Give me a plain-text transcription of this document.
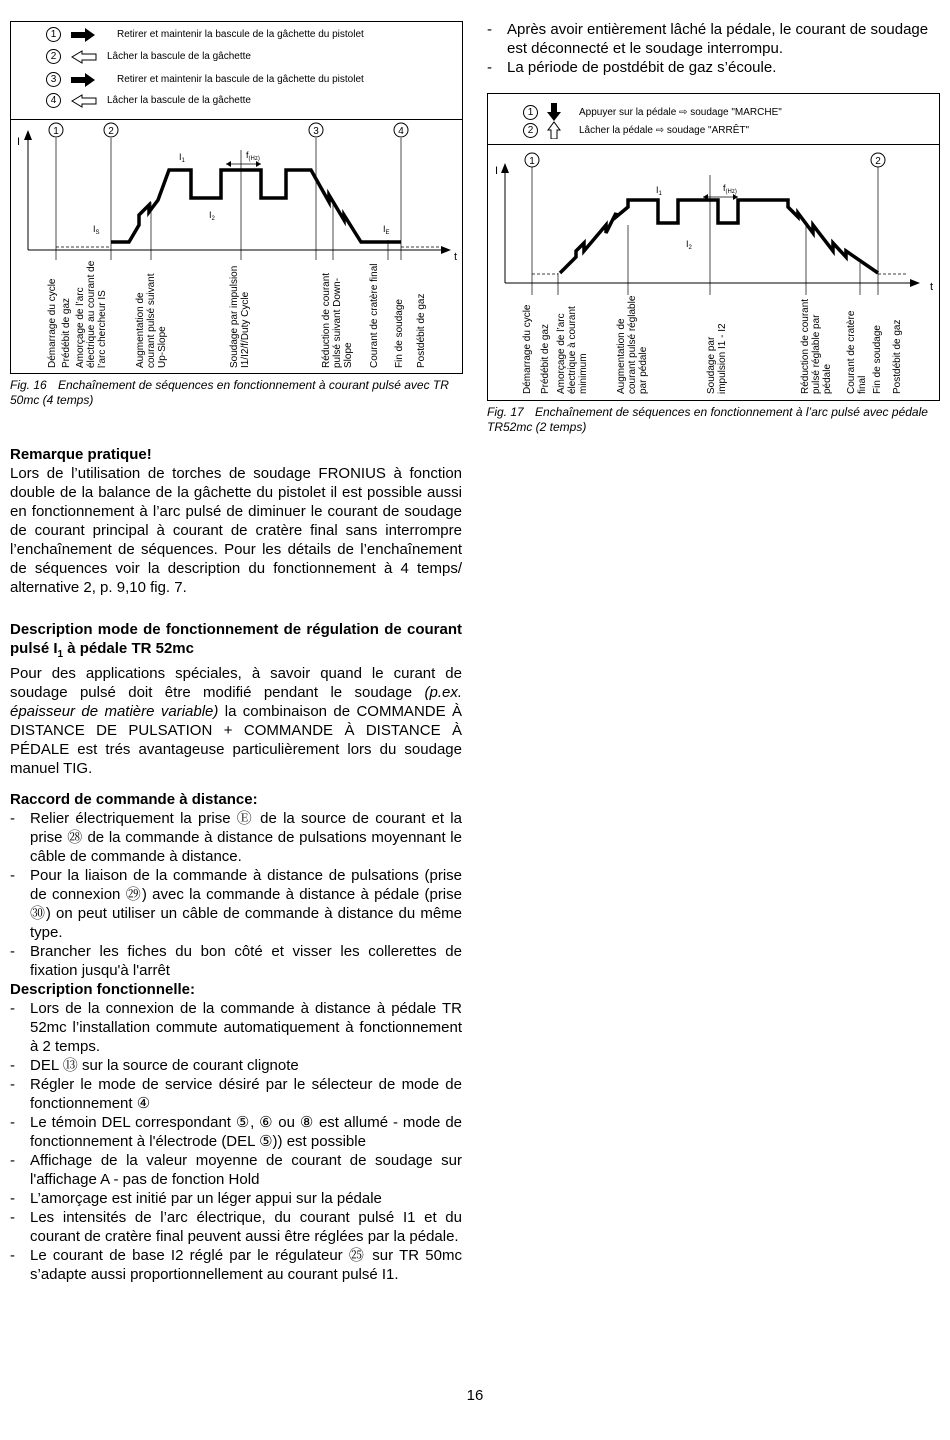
1	Retirer et maintenir la bascule de la gâchette du pistolet
2	Lâcher la bascule de la gâchette
3	Retirer et maintenir la bascule de la gâchette du pistolet
4	Lâcher la bascule de la gâchette
I
t
1	2	3	4
$I_1$
$I_2$
$I_S$	$I_E$
$f_{(Hz)}$
Démarrage du cycle Prédébit de gaz Amorçage de l’arc électrique au courant de l’arc chercheur IS	Augmentation de courant pulsé suivant Up-Slope	Soudage par impulsion I1/I2/f/Duty Cycle	Réduction de courant pulsé suivant Down-Slope Courant de cratère final Fin de soudage Postdébit de gaz
Fig. 16 Enchaînement de séquences en fonctionnement à courant pulsé avec TR 50mc (4 temps)

- Après avoir entièrement lâché la pédale, le courant de soudage est déconnecté et le soudage interrompu.

- La période de postdébit de gaz s’écoule.

1	Appuyer sur la pédale ⇨ soudage "MARCHE"
2	Lâcher la pédale ⇨ soudage "ARRÊT"
I
t
1	2
$I_1$
$I_2$
$f_{(Hz)}$
Démarrage du cycle Prédébit de gaz Amorçage de l’arc électrique à courant minimum	Augmentation de courant pulsé réglable par pédale	Soudage par impulsion I1 - I2	Réduction de courant pulsé réglable par pédale Courant de cratère final Fin de soudage Postdébit de gaz
Fig. 17 Enchaînement de séquences en fonctionnement à l’arc pulsé avec pédale TR52mc (2 temps)

Remarque pratique!

Lors de l’utilisation de torches de soudage FRONIUS à fonction double de la balance de la gâchette du pistolet il est possible aussi en fonctionnement à l’arc pulsé de diminuer le courant de soudage de courant principal à courant de cratère final sans interrompre l’enchaînement de séquences. Pour les détails de l’enchaînement de séquences voir la description du fonctionnement à 4 temps/ alternative 2, p. 9,10 fig. 7.

Description mode de fonctionnement de régulation de courant pulsé $I_1$ à pédale TR 52mc

Pour des applications spéciales, à savoir quand le curant de soudage pulsé doit être modifié pendant le soudage (p.ex. épaisseur de matière variable) la combinaison de COMMANDE À DISTANCE DE PULSATION + COMMANDE À DISTANCE À PÉDALE est trés avantageuse particulièrement lors du soudage manuel TIG.

Raccord de commande à distance:

- Relier électriquement la prise Ⓔ de la source de courant et la prise ㉘ de la commande à distance de pulsations moyennant le câble de commande à distance.

- Pour la liaison de la commande à distance de pulsations (prise de connexion ㉙) avec la commande à distance à pédale (prise ㉚) on peut utiliser un câble de commande à distance du même type.

- Brancher les fiches du bon côté et visser les collerettes de fixation jusqu'à l'arrêt

Description fonctionnelle:

- Lors de la connexion de la commande à distance à pédale TR 52mc l’installation commute automatiquement à fonctionnement à 2 temps.

- DEL ⑬ sur la source de courant clignote

- Régler le mode de service désiré par le sélecteur de mode de fonctionnement ④

- Le témoin DEL correspondant ⑤, ⑥ ou ⑧ est allumé - mode de fonctionnement à l'électrode (DEL ⑤)) est possible

- Affichage de la valeur moyenne de courant de soudage sur l'affichage A - pas de fonction Hold

- L’amorçage est initié par un léger appui sur la pédale

- Les intensités de l’arc électrique, du courant pulsé I1 et du courant de cratère final peuvent aussi être réglées par la pédale.

- Le courant de base I2 réglé par le régulateur ㉕ sur TR 50mc s’adapte aussi proportionnellement au courant pulsé I1.

16
